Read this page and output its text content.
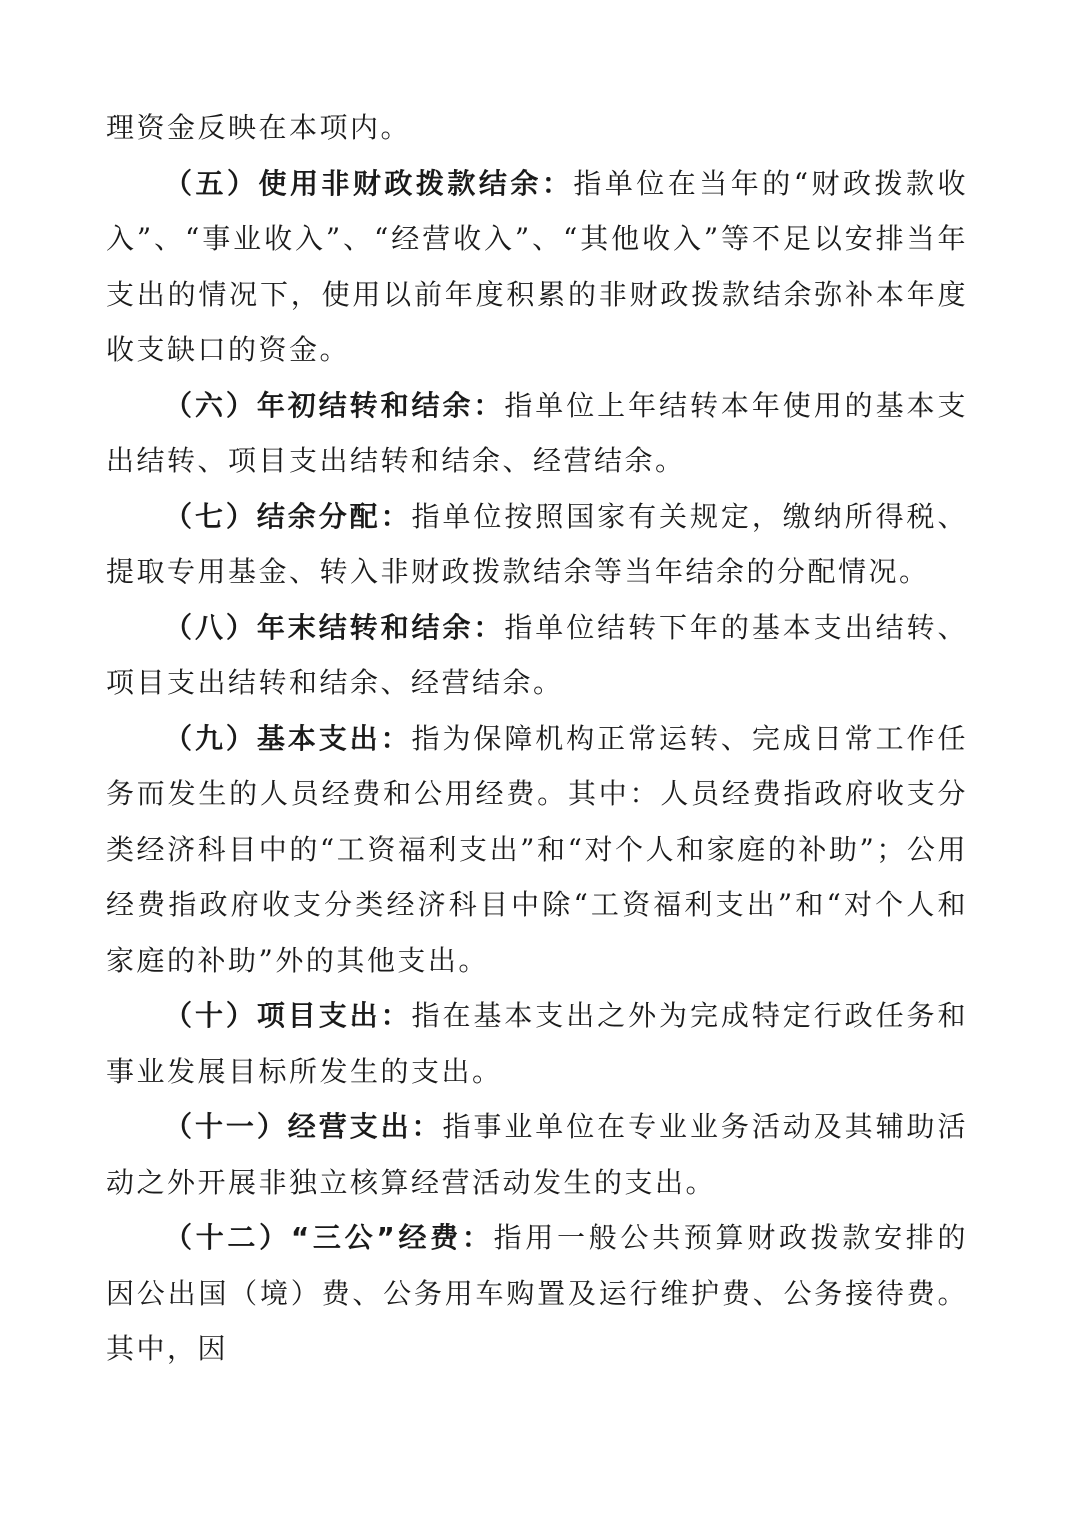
理资金反映在本项内。

（五）使用非财政拨款结余：指单位在当年的“财政拨款收入”、“事业收入”、“经营收入”、“其他收入”等不足以安排当年支出的情况下，使用以前年度积累的非财政拨款结余弥补本年度收支缺口的资金。

（六）年初结转和结余：指单位上年结转本年使用的基本支出结转、项目支出结转和结余、经营结余。

（七）结余分配：指单位按照国家有关规定，缴纳所得税、提取专用基金、转入非财政拨款结余等当年结余的分配情况。

（八）年末结转和结余：指单位结转下年的基本支出结转、项目支出结转和结余、经营结余。

（九）基本支出：指为保障机构正常运转、完成日常工作任务而发生的人员经费和公用经费。其中：人员经费指政府收支分类经济科目中的“工资福利支出”和“对个人和家庭的补助”；公用经费指政府收支分类经济科目中除“工资福利支出”和“对个人和家庭的补助”外的其他支出。

（十）项目支出：指在基本支出之外为完成特定行政任务和事业发展目标所发生的支出。

（十一）经营支出：指事业单位在专业业务活动及其辅助活动之外开展非独立核算经营活动发生的支出。

（十二）“三公”经费：指用一般公共预算财政拨款安排的因公出国（境）费、公务用车购置及运行维护费、公务接待费。其中，因
